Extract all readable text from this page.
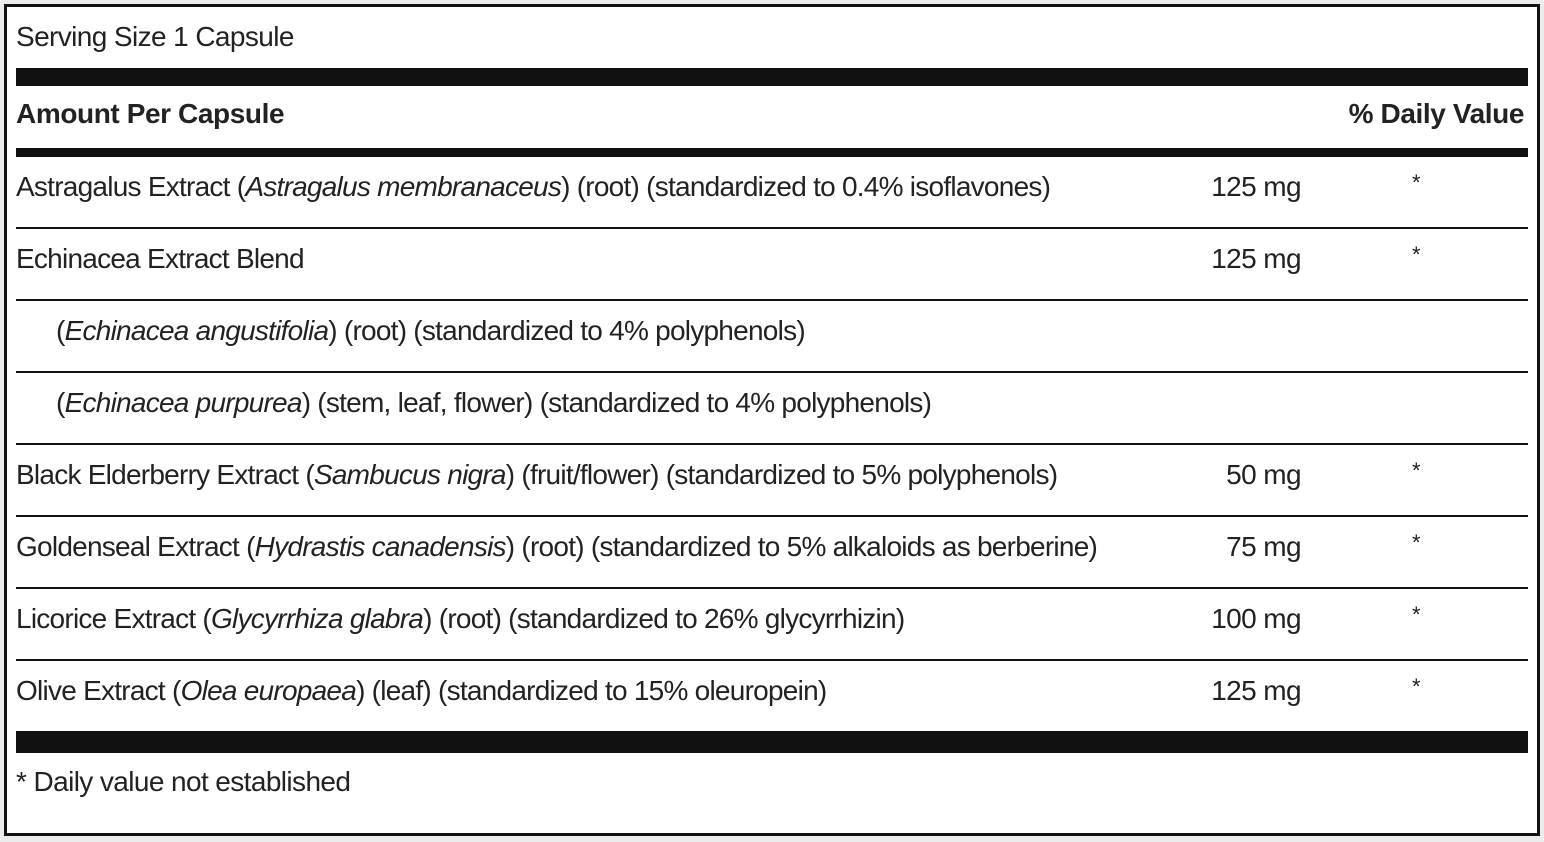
Serving Size 1 Capsule
Amount Per Capsule	% Daily Value
Astragalus Extract (Astragalus membranaceus) (root) (standardized to 0.4% isoflavones)	125 mg	*
Echinacea Extract Blend	125 mg	*
(Echinacea angustifolia) (root) (standardized to 4% polyphenols)
(Echinacea purpurea) (stem, leaf, flower) (standardized to 4% polyphenols)
Black Elderberry Extract (Sambucus nigra) (fruit/flower) (standardized to 5% polyphenols)	50 mg	*
Goldenseal Extract (Hydrastis canadensis) (root) (standardized to 5% alkaloids as berberine)	75 mg	*
Licorice Extract (Glycyrrhiza glabra) (root) (standardized to 26% glycyrrhizin)	100 mg	*
Olive Extract (Olea europaea) (leaf) (standardized to 15% oleuropein)	125 mg	*
* Daily value not established
